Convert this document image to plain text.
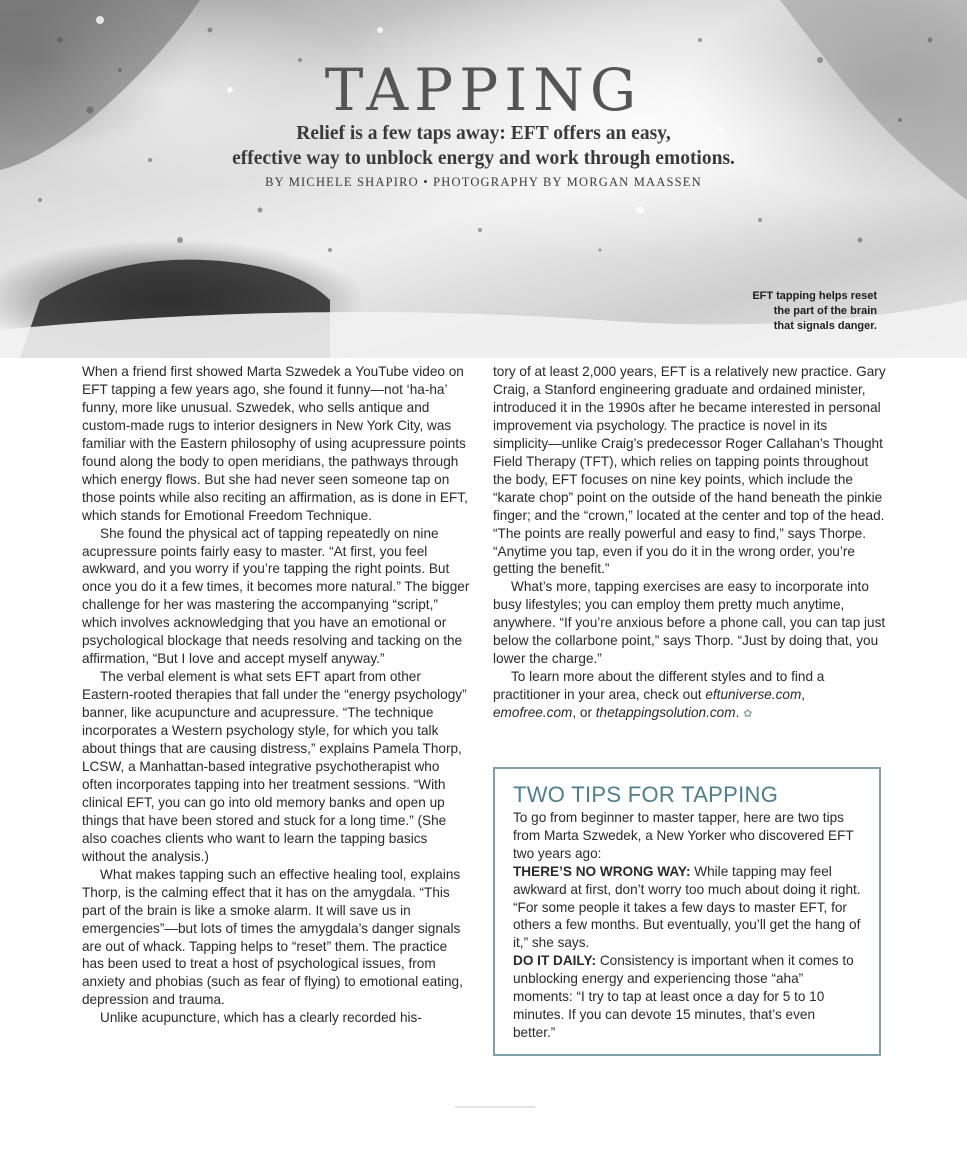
TAPPING
Relief is a few taps away: EFT offers an easy,
effective way to unblock energy and work through emotions.
BY MICHELE SHAPIRO • PHOTOGRAPHY BY MORGAN MAASSEN
EFT tapping helps reset
the part of the brain
that signals danger.

When a friend first showed Marta Szwedek a YouTube video on EFT tapping a few years ago, she found it funny—not ‘ha-ha’ funny, more like unusual. Szwedek, who sells antique and custom-made rugs to interior designers in New York City, was familiar with the Eastern philosophy of using acupressure points found along the body to open meridians, the pathways through which energy flows. But she had never seen someone tap on those points while also reciting an affirmation, as is done in EFT, which stands for Emotional Freedom Technique.

She found the physical act of tapping repeatedly on nine acupressure points fairly easy to master. “At first, you feel awkward, and you worry if you’re tapping the right points. But once you do it a few times, it becomes more natural.” The bigger challenge for her was mastering the accompanying “script,” which involves acknowledging that you have an emotional or psychological blockage that needs resolving and tacking on the affirmation, “But I love and accept myself anyway.”

The verbal element is what sets EFT apart from other Eastern-rooted therapies that fall under the “energy psychology” banner, like acupuncture and acupressure. “The technique incorporates a Western psychology style, for which you talk about things that are causing distress,” explains Pamela Thorp, LCSW, a Manhattan-based integrative psychotherapist who often incorporates tapping into her treatment sessions. “With clinical EFT, you can go into old memory banks and open up things that have been stored and stuck for a long time.” (She also coaches clients who want to learn the tapping basics without the analysis.)

What makes tapping such an effective healing tool, explains Thorp, is the calming effect that it has on the amygdala. “This part of the brain is like a smoke alarm. It will save us in emergencies”—but lots of times the amygdala’s danger signals are out of whack. Tapping helps to “reset” them. The practice has been used to treat a host of psychological issues, from anxiety and phobias (such as fear of flying) to emotional eating, depression and trauma.

Unlike acupuncture, which has a clearly recorded his-

tory of at least 2,000 years, EFT is a relatively new practice. Gary Craig, a Stanford engineering graduate and ordained minister, introduced it in the 1990s after he became interested in personal improvement via psychology. The practice is novel in its simplicity—unlike Craig’s predecessor Roger Callahan’s Thought Field Therapy (TFT), which relies on tapping points throughout the body, EFT focuses on nine key points, which include the “karate chop” point on the outside of the hand beneath the pinkie finger; and the “crown,” located at the center and top of the head. “The points are really powerful and easy to find,” says Thorpe. “Anytime you tap, even if you do it in the wrong order, you’re getting the benefit.”

What’s more, tapping exercises are easy to incorporate into busy lifestyles; you can employ them pretty much anytime, anywhere. “If you’re anxious before a phone call, you can tap just below the collarbone point,” says Thorp. “Just by doing that, you lower the charge.”

To learn more about the different styles and to find a practitioner in your area, check out eftuniverse.com, emofree.com, or thetappingsolution.com. ✿

TWO TIPS FOR TAPPING

To go from beginner to master tapper, here are two tips from Marta Szwedek, a New Yorker who discovered EFT two years ago:

THERE’S NO WRONG WAY: While tapping may feel awkward at first, don’t worry too much about doing it right. “For some people it takes a few days to master EFT, for others a few months. But eventually, you’ll get the hang of it,” she says.

DO IT DAILY: Consistency is important when it comes to unblocking energy and experiencing those “aha” moments: “I try to tap at least once a day for 5 to 10 minutes. If you can devote 15 minutes, that’s even better.”
